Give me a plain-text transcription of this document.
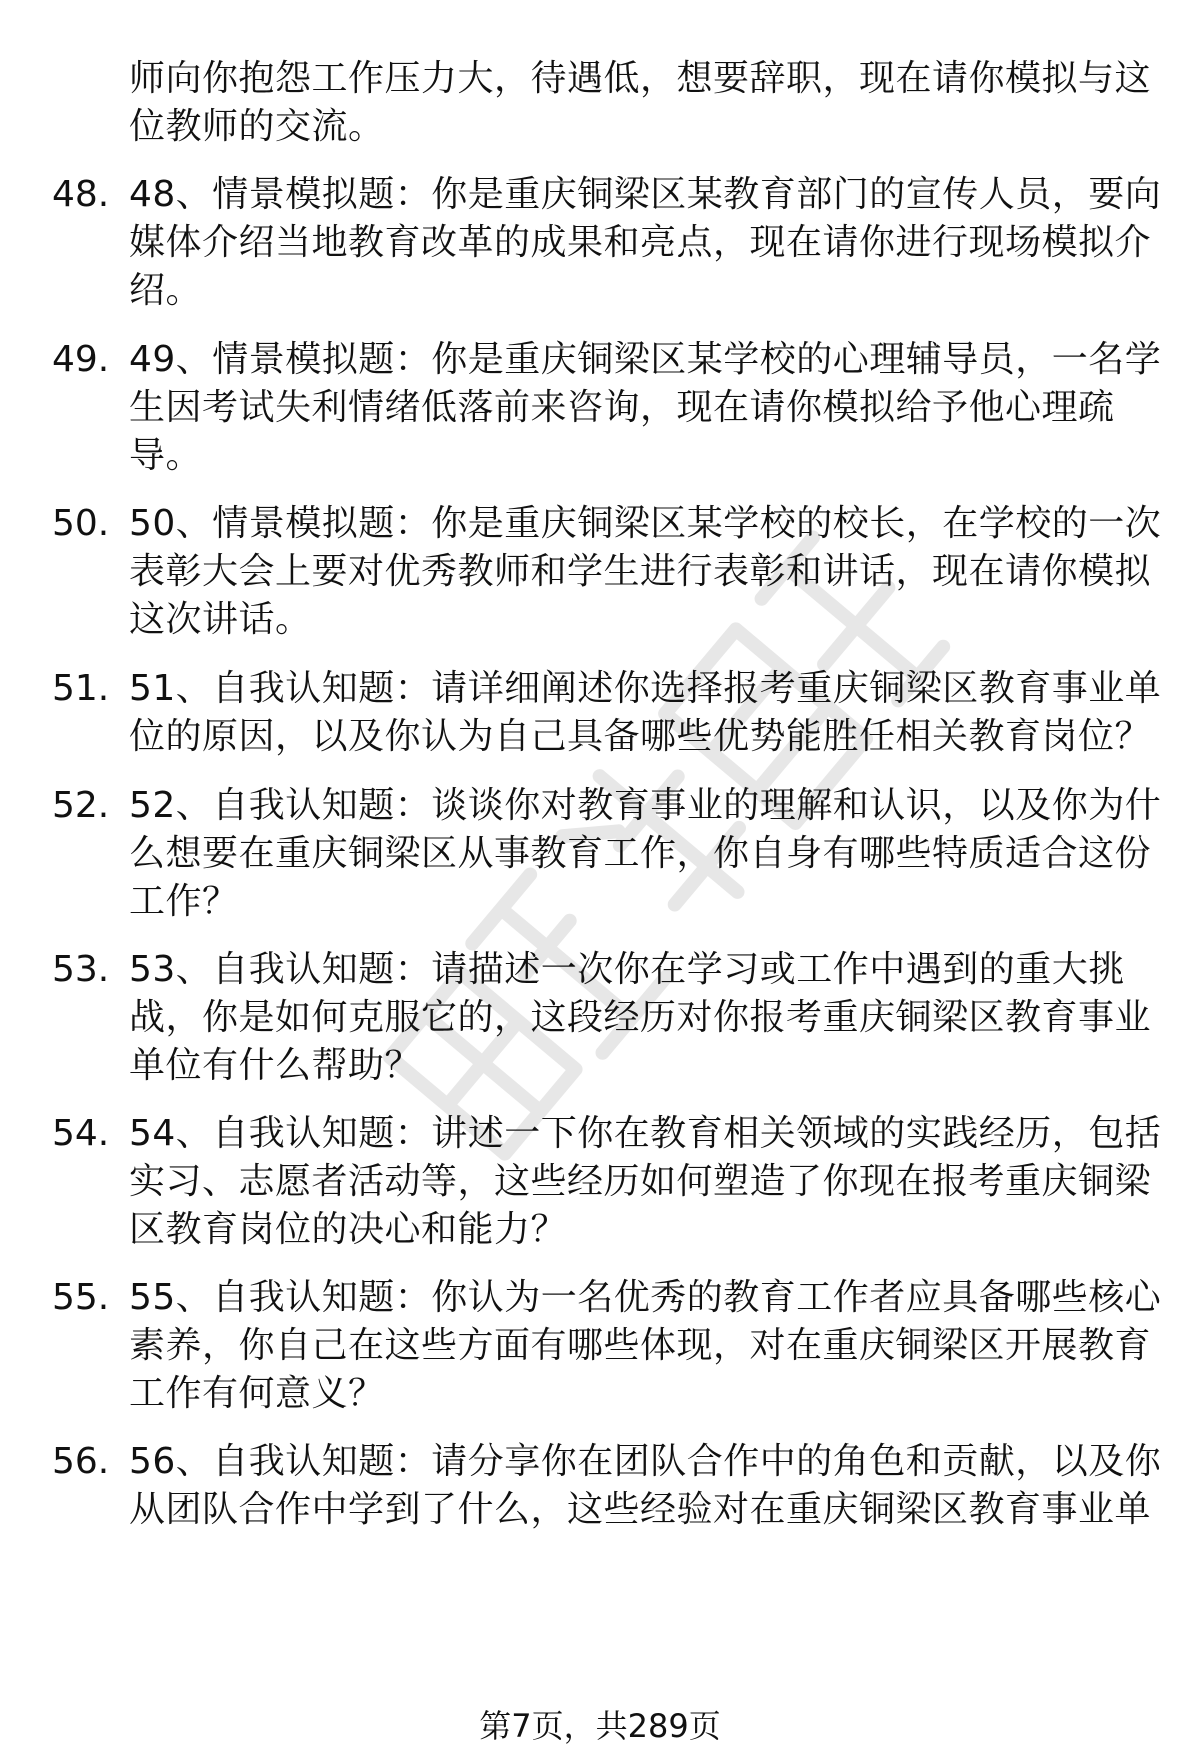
师向你抱怨工作压力大，待遇低，想要辞职，现在请你模拟与这
位教师的交流。
48. 48、情景模拟题：你是重庆铜梁区某教育部门的宣传人员，要向
媒体介绍当地教育改革的成果和亮点，现在请你进行现场模拟介
绍。
49. 49、情景模拟题：你是重庆铜梁区某学校的心理辅导员，一名学
生因考试失利情绪低落前来咨询，现在请你模拟给予他心理疏
导。
50. 50、情景模拟题：你是重庆铜梁区某学校的校长，在学校的一次
表彰大会上要对优秀教师和学生进行表彰和讲话，现在请你模拟
这次讲话。
51. 51、自我认知题：请详细阐述你选择报考重庆铜梁区教育事业单
位的原因，以及你认为自己具备哪些优势能胜任相关教育岗位？
52. 52、自我认知题：谈谈你对教育事业的理解和认识，以及你为什
么想要在重庆铜梁区从事教育工作，你自身有哪些特质适合这份
工作？
53. 53、自我认知题：请描述一次你在学习或工作中遇到的重大挑
战，你是如何克服它的，这段经历对你报考重庆铜梁区教育事业
单位有什么帮助？
54. 54、自我认知题：讲述一下你在教育相关领域的实践经历，包括
实习、志愿者活动等，这些经历如何塑造了你现在报考重庆铜梁
区教育岗位的决心和能力？
55. 55、自我认知题：你认为一名优秀的教育工作者应具备哪些核心
素养，你自己在这些方面有哪些体现，对在重庆铜梁区开展教育
工作有何意义？
56. 56、自我认知题：请分享你在团队合作中的角色和贡献，以及你
从团队合作中学到了什么，这些经验对在重庆铜梁区教育事业单
第7页，共289页
